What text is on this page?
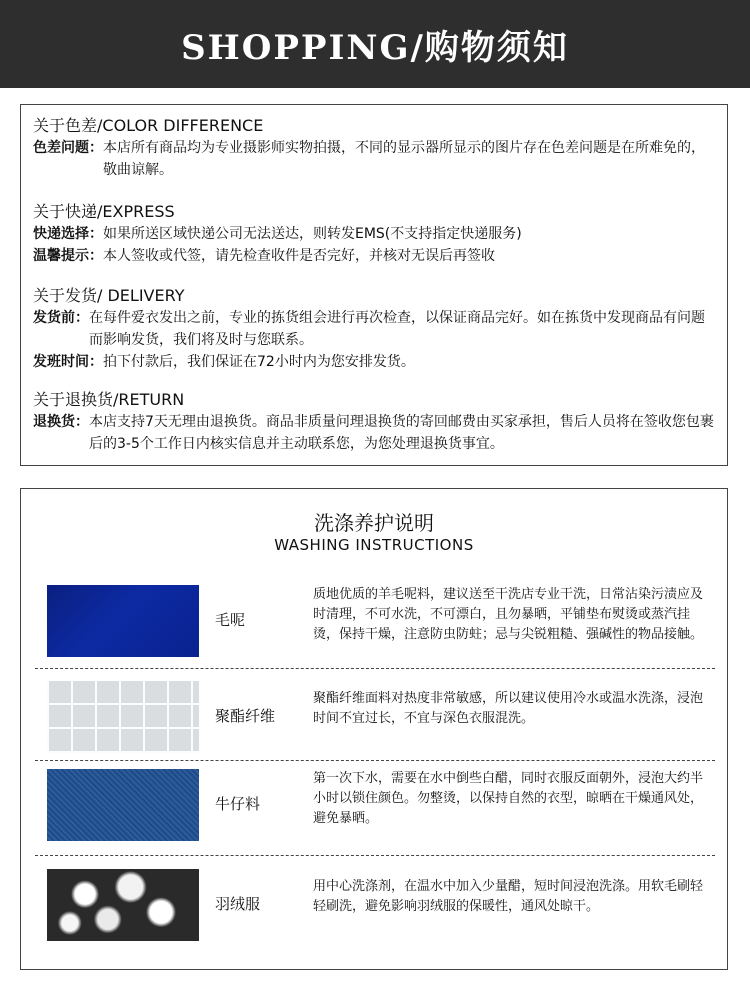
SHOPPING/购物须知
关于色差/COLOR DIFFERENCE
色差问题： 本店所有商品均为专业摄影师实物拍摄，不同的显示器所显示的图片存在色差问题是在所难免的，敬曲谅解。
关于快递/EXPRESS
快递选择： 如果所送区域快递公司无法送达，则转发EMS(不支持指定快递服务)
温馨提示： 本人签收或代签，请先检查收件是否完好，并核对无误后再签收
关于发货/ DELIVERY
发货前： 在每件爱衣发出之前，专业的拣货组会进行再次检查，以保证商品完好。如在拣货中发现商品有问题而影响发货，我们将及时与您联系。
发班时间： 拍下付款后，我们保证在72小时内为您安排发货。
关于退换货/RETURN
退换货： 本店支持7天无理由退换货。商品非质量问理退换货的寄回邮费由买家承担，售后人员将在签收您包裹后的3-5个工作日内核实信息并主动联系您，为您处理退换货事宜。
洗涤养护说明
WASHING INSTRUCTIONS
毛呢
质地优质的羊毛呢料，建议送至干洗店专业干洗，日常沾染污渍应及时清理，不可水洗，不可漂白，且勿暴晒，平铺垫布熨烫或蒸汽挂烫，保持干燥，注意防虫防蛀；忌与尖锐粗糙、强碱性的物品接触。
聚酯纤维
聚酯纤维面料对热度非常敏感，所以建议使用冷水或温水洗涤，浸泡时间不宜过长，不宜与深色衣服混洗。
牛仔料
第一次下水，需要在水中倒些白醋，同时衣服反面朝外，浸泡大约半小时以锁住颜色。勿整烫，以保持自然的衣型，晾晒在干燥通风处，避免暴晒。
羽绒服
用中心洗涤剂，在温水中加入少量醋，短时间浸泡洗涤。用软毛刷轻轻刷洗，避免影响羽绒服的保暖性，通风处晾干。
